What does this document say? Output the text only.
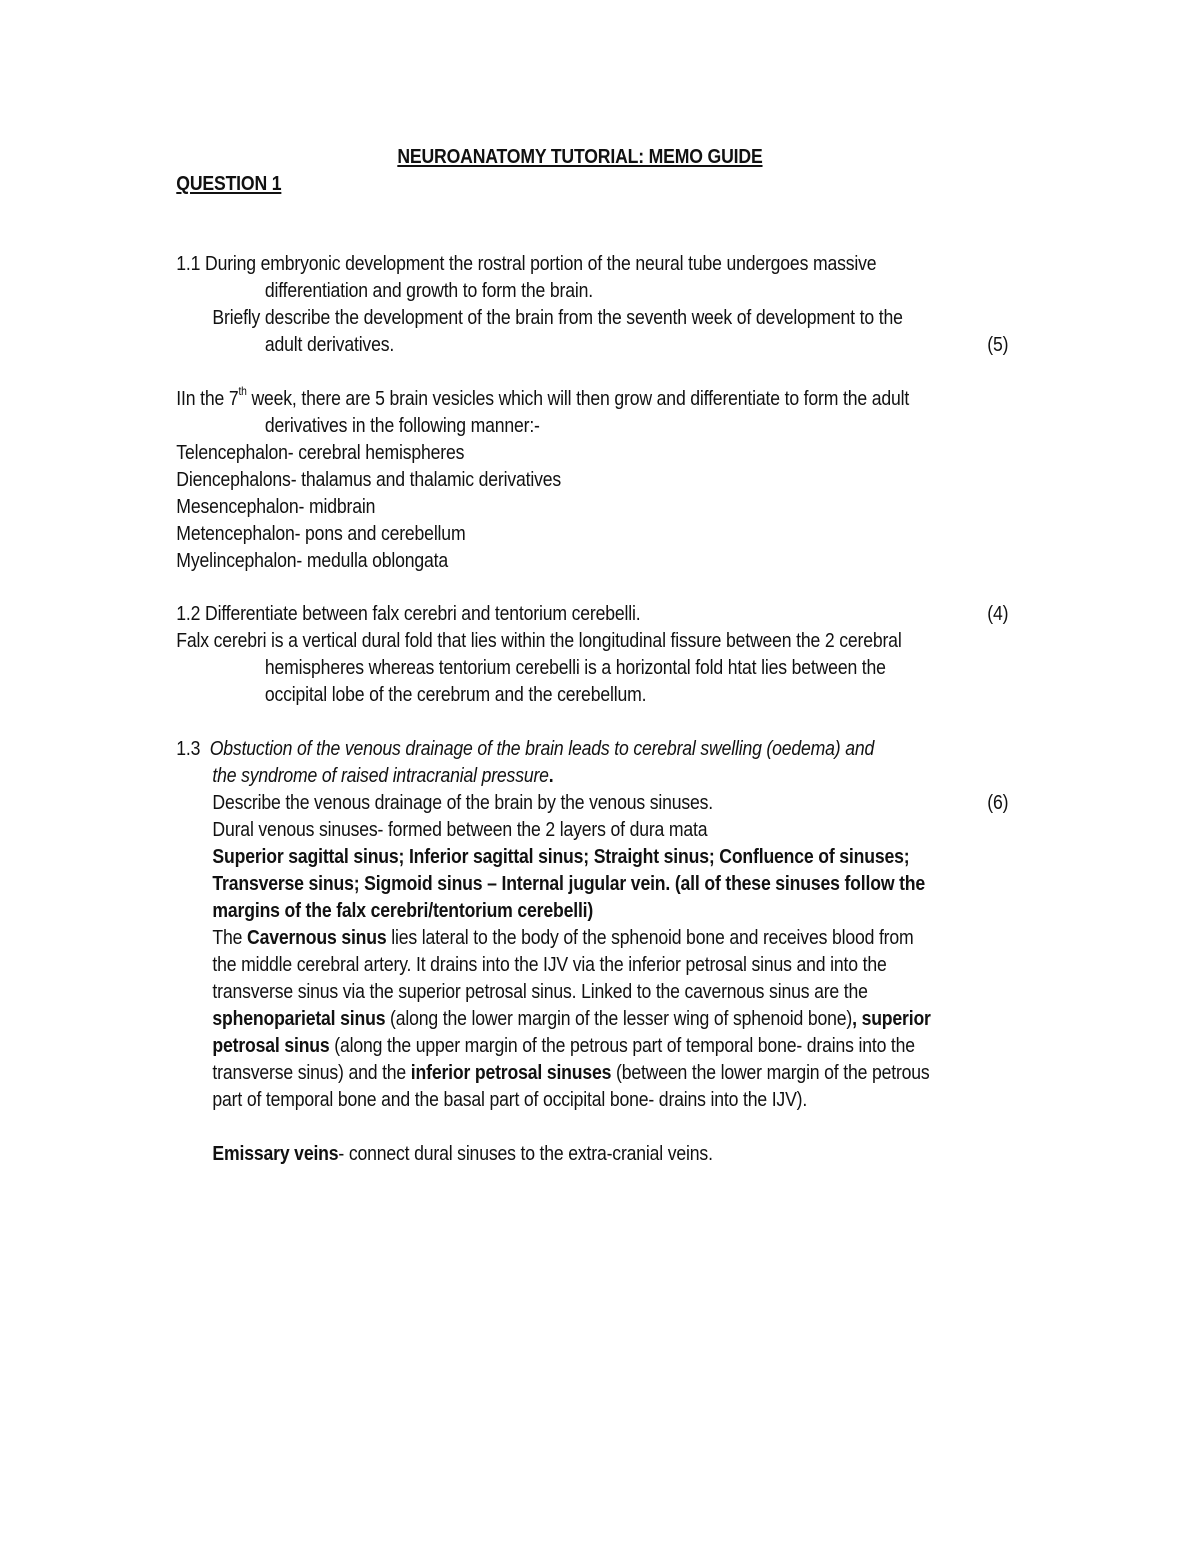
NEUROANATOMY TUTORIAL: MEMO GUIDE
QUESTION 1
1.1 During embryonic development the rostral portion of the neural tube undergoes massive
differentiation and growth to form the brain.
Briefly describe the development of the brain from the seventh week of development to the
adult derivatives.	(5)
IIn the 7th week, there are 5 brain vesicles which will then grow and differentiate to form the adult
derivatives in the following manner:-
Telencephalon- cerebral hemispheres
Diencephalons- thalamus and thalamic derivatives
Mesencephalon- midbrain
Metencephalon- pons and cerebellum
Myelincephalon- medulla oblongata
1.2 Differentiate between falx cerebri and tentorium cerebelli.	(4)
Falx cerebri is a vertical dural fold that lies within the longitudinal fissure between the 2 cerebral
hemispheres whereas tentorium cerebelli is a horizontal fold htat lies between the
occipital lobe of the cerebrum and the cerebellum.
1.3 Obstuction of the venous drainage of the brain leads to cerebral swelling (oedema) and
the syndrome of raised intracranial pressure.
Describe the venous drainage of the brain by the venous sinuses.	(6)
Dural venous sinuses- formed between the 2 layers of dura mata
Superior sagittal sinus; Inferior sagittal sinus; Straight sinus; Confluence of sinuses;
Transverse sinus; Sigmoid sinus – Internal jugular vein. (all of these sinuses follow the
margins of the falx cerebri/tentorium cerebelli)
The Cavernous sinus lies lateral to the body of the sphenoid bone and receives blood from
the middle cerebral artery. It drains into the IJV via the inferior petrosal sinus and into the
transverse sinus via the superior petrosal sinus. Linked to the cavernous sinus are the
sphenoparietal sinus (along the lower margin of the lesser wing of sphenoid bone), superior
petrosal sinus (along the upper margin of the petrous part of temporal bone- drains into the
transverse sinus) and the inferior petrosal sinuses (between the lower margin of the petrous
part of temporal bone and the basal part of occipital bone- drains into the IJV).
Emissary veins- connect dural sinuses to the extra-cranial veins.
